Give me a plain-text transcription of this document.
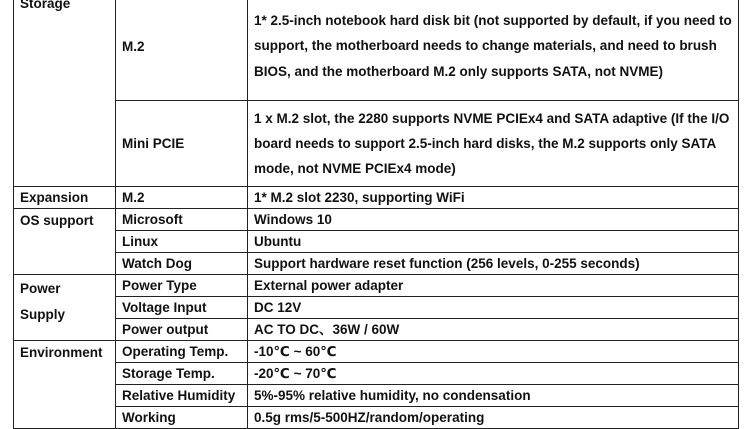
Storage	M.2	1* 2.5-inch notebook hard disk bit (not supported by default, if you need to support, the motherboard needs to change materials, and need to brush BIOS, and the motherboard M.2 only supports SATA, not NVME)
	Mini PCIE	1 x M.2 slot, the 2280 supports NVME PCIEx4 and SATA adaptive (If the I/O board needs to support 2.5-inch hard disks, the M.2 supports only SATA mode, not NVME PCIEx4 mode)
Expansion	M.2	1* M.2 slot 2230, supporting WiFi
OS support	Microsoft	Windows 10
	Linux	Ubuntu
	Watch Dog	Support hardware reset function (256 levels, 0-255 seconds)

Power
Supply	Power Type	External power adapter
	Voltage Input	DC 12V
	Power output	AC TO DC、36W / 60W
Environment	Operating Temp.	-10℃ ~ 60℃
	Storage Temp.	-20℃ ~ 70℃
	Relative Humidity	5%-95% relative humidity, no condensation
	Working	0.5g rms/5-500HZ/random/operating
